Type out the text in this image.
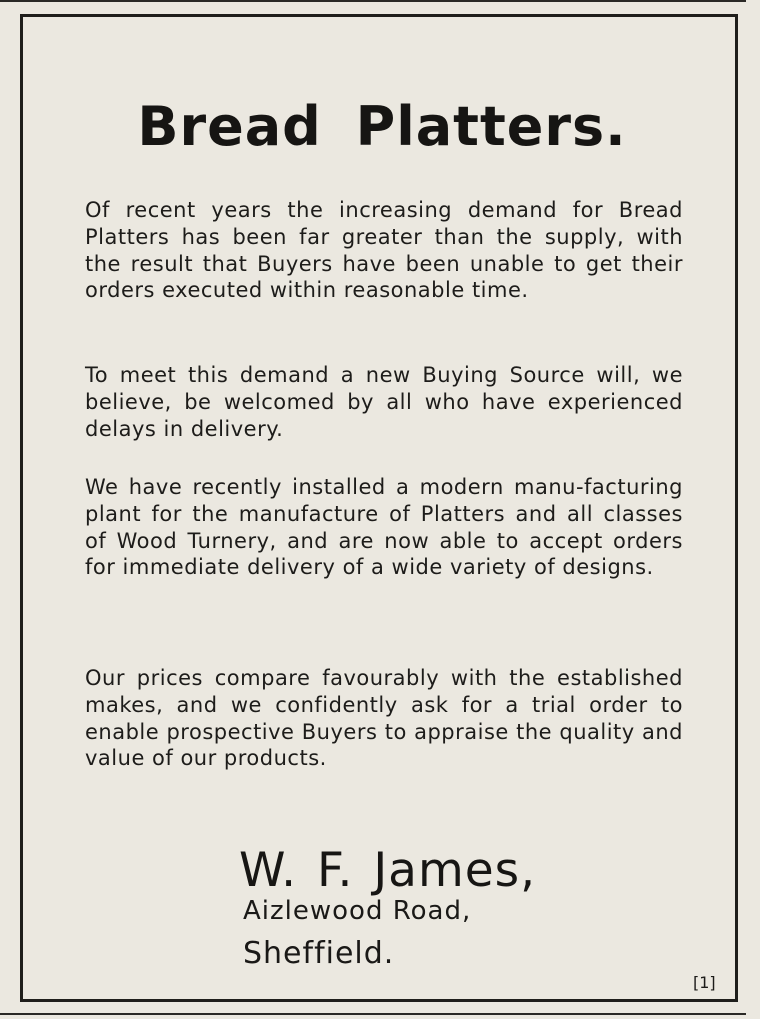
Bread Platters.

Of recent years the increasing demand for Bread Platters has been far greater than the supply, with the result that Buyers have been unable to get their orders executed within reasonable time.

To meet this demand a new Buying Source will, we believe, be welcomed by all who have experienced delays in delivery.

We have recently installed a modern manu-facturing plant for the manufacture of Platters and all classes of Wood Turnery, and are now able to accept orders for immediate delivery of a wide variety of designs.

Our prices compare favourably with the established makes, and we confidently ask for a trial order to enable prospective Buyers to appraise the quality and value of our products.

W. F. James,

Aizlewood Road,

Sheffield.

[1]
